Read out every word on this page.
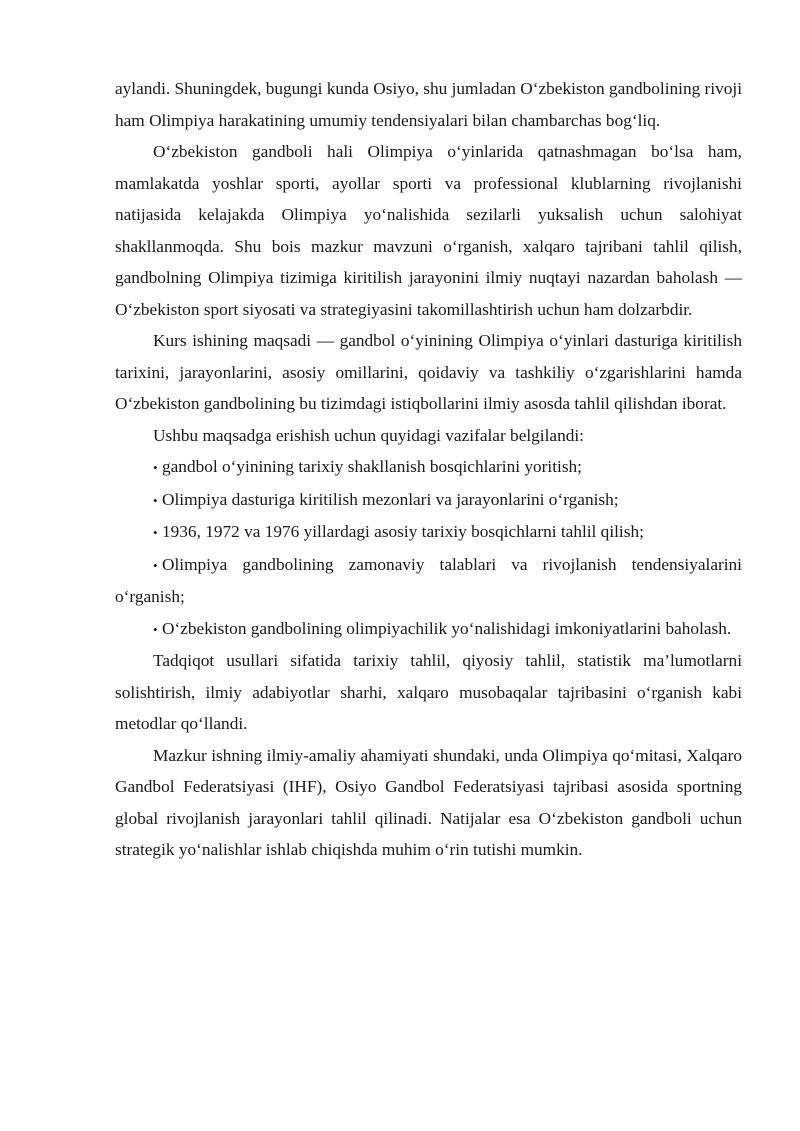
aylandi. Shuningdek, bugungi kunda Osiyo, shu jumladan O‘zbekiston gandbolining rivoji ham Olimpiya harakatining umumiy tendensiyalari bilan chambarchas bog‘liq.

O‘zbekiston gandboli hali Olimpiya o‘yinlarida qatnashmagan bo‘lsa ham, mamlakatda yoshlar sporti, ayollar sporti va professional klublarning rivojlanishi natijasida kelajakda Olimpiya yo‘nalishida sezilarli yuksalish uchun salohiyat shakllanmoqda. Shu bois mazkur mavzuni o‘rganish, xalqaro tajribani tahlil qilish, gandbolning Olimpiya tizimiga kiritilish jarayonini ilmiy nuqtayi nazardan baholash — O‘zbekiston sport siyosati va strategiyasini takomillashtirish uchun ham dolzarbdir.

Kurs ishining maqsadi — gandbol o‘yinining Olimpiya o‘yinlari dasturiga kiritilish tarixini, jarayonlarini, asosiy omillarini, qoidaviy va tashkiliy o‘zgarishlarini hamda O‘zbekiston gandbolining bu tizimdagi istiqbollarini ilmiy asosda tahlil qilishdan iborat.

Ushbu maqsadga erishish uchun quyidagi vazifalar belgilandi:

• gandbol o‘yinining tarixiy shakllanish bosqichlarini yoritish;

• Olimpiya dasturiga kiritilish mezonlari va jarayonlarini o‘rganish;

• 1936, 1972 va 1976 yillardagi asosiy tarixiy bosqichlarni tahlil qilish;

• Olimpiya gandbolining zamonaviy talablari va rivojlanish tendensiyalarini o‘rganish;

• O‘zbekiston gandbolining olimpiyachilik yo‘nalishidagi imkoniyatlarini baholash.

Tadqiqot usullari sifatida tarixiy tahlil, qiyosiy tahlil, statistik ma’lumotlarni solishtirish, ilmiy adabiyotlar sharhi, xalqaro musobaqalar tajribasini o‘rganish kabi metodlar qo‘llandi.

Mazkur ishning ilmiy-amaliy ahamiyati shundaki, unda Olimpiya qo‘mitasi, Xalqaro Gandbol Federatsiyasi (IHF), Osiyo Gandbol Federatsiyasi tajribasi asosida sportning global rivojlanish jarayonlari tahlil qilinadi. Natijalar esa O‘zbekiston gandboli uchun strategik yo‘nalishlar ishlab chiqishda muhim o‘rin tutishi mumkin.
